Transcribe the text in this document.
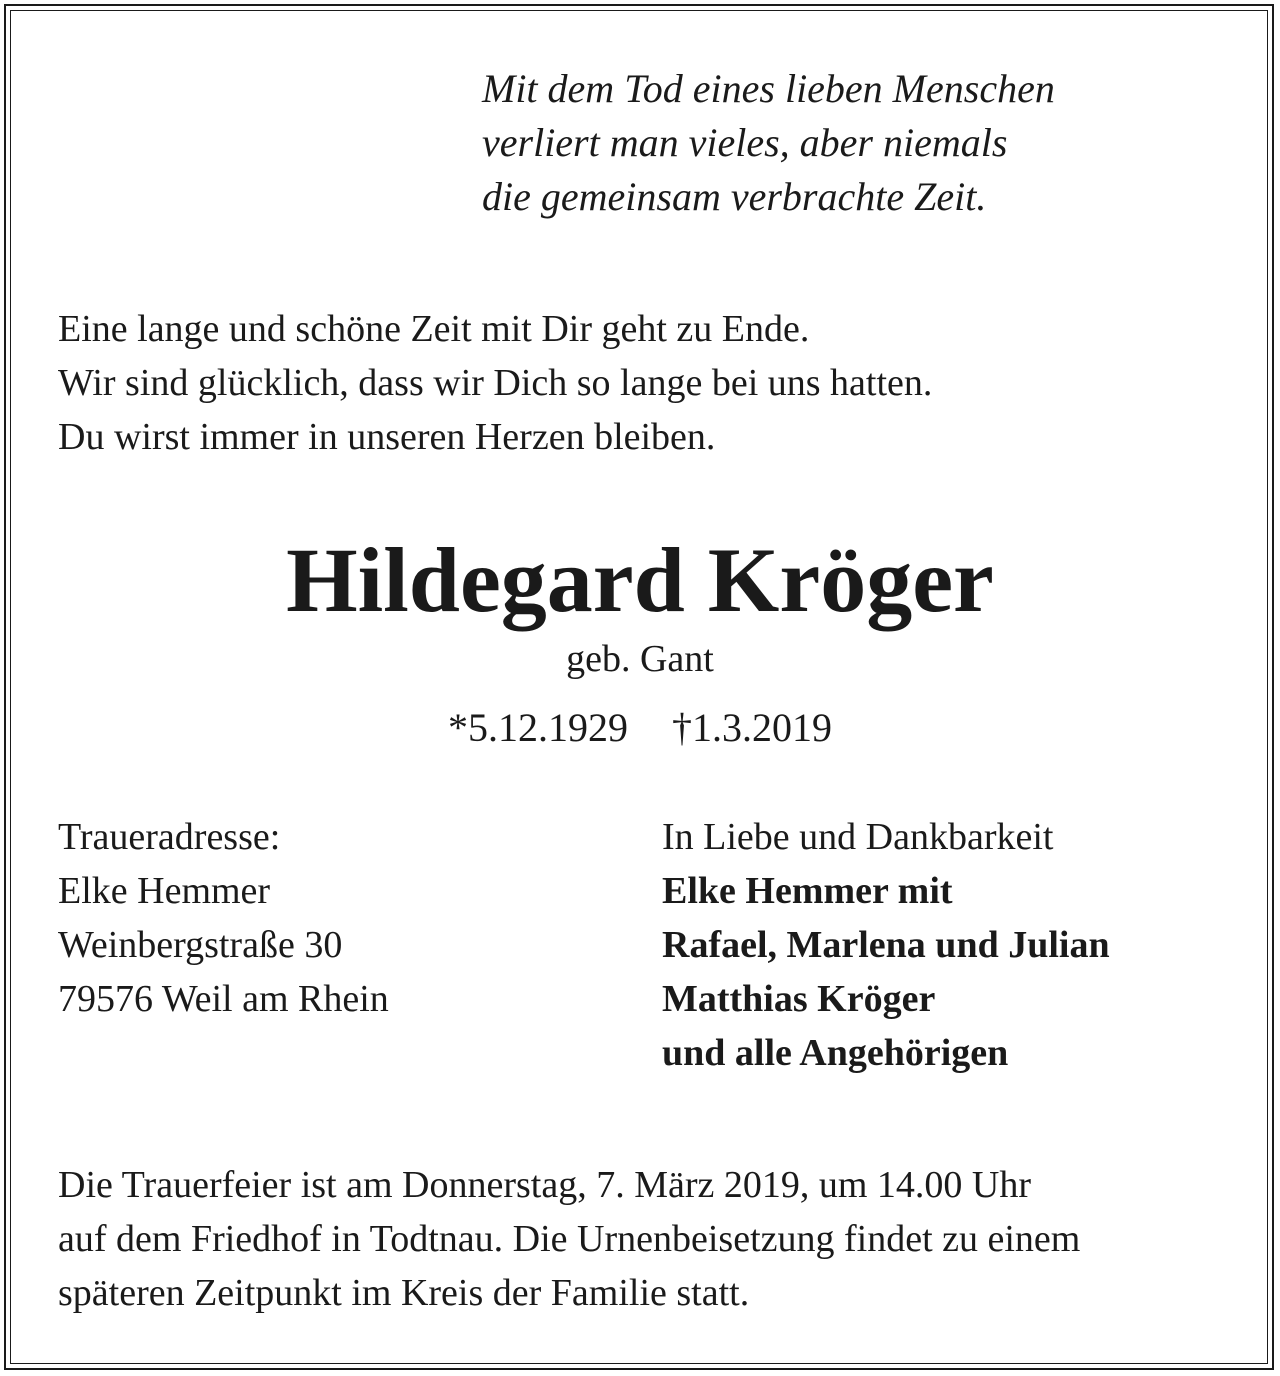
Mit dem Tod eines lieben Menschen
verliert man vieles, aber niemals
die gemeinsam verbrachte Zeit.
Eine lange und schöne Zeit mit Dir geht zu Ende.
Wir sind glücklich, dass wir Dich so lange bei uns hatten.
Du wirst immer in unseren Herzen bleiben.
Hildegard Kröger
geb. Gant
*5.12.1929 †1.3.2019
Traueradresse:
Elke Hemmer
Weinbergstraße 30
79576 Weil am Rhein
In Liebe und Dankbarkeit
Elke Hemmer mit
Rafael, Marlena und Julian
Matthias Kröger
und alle Angehörigen
Die Trauerfeier ist am Donnerstag, 7. März 2019, um 14.00 Uhr
auf dem Friedhof in Todtnau. Die Urnenbeisetzung findet zu einem
späteren Zeitpunkt im Kreis der Familie statt.
